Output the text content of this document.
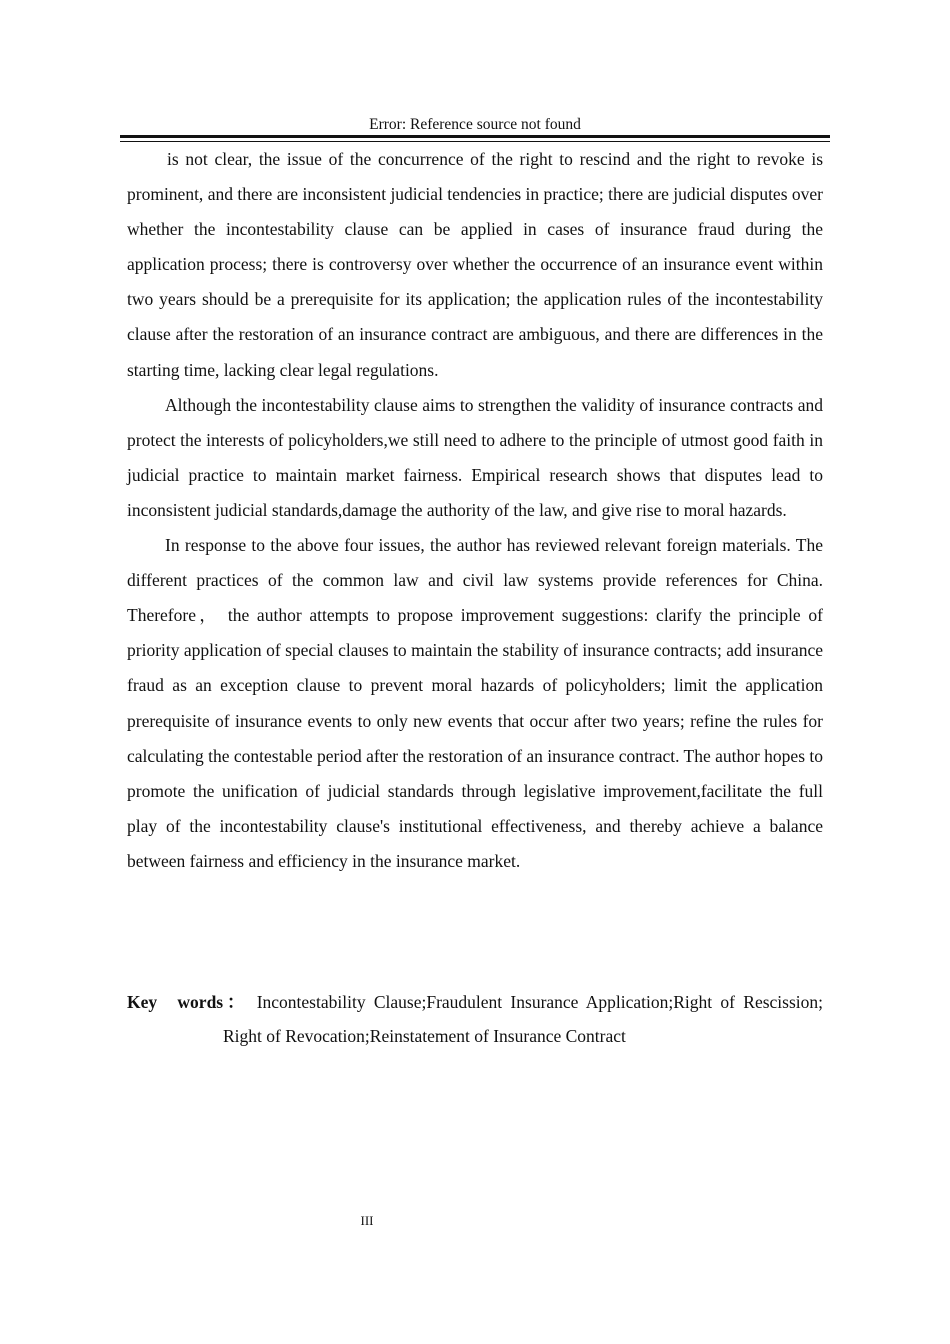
Error: Reference source not found

is not clear, the issue of the concurrence of the right to rescind and the right to revoke is prominent, and there are inconsistent judicial tendencies in practice; there are judicial disputes over whether the incontestability clause can be applied in cases of insurance fraud during the application process; there is controversy over whether the occurrence of an insurance event within two years should be a prerequisite for its application; the application rules of the incontestability clause after the restoration of an insurance contract are ambiguous, and there are differences in the starting time, lacking clear legal regulations.

Although the incontestability clause aims to strengthen the validity of insurance contracts and protect the interests of policyholders,we still need to adhere to the principle of utmost good faith in judicial practice to maintain market fairness. Empirical research shows that disputes lead to inconsistent judicial standards,damage the authority of the law, and give rise to moral hazards.

In response to the above four issues, the author has reviewed relevant foreign materials. The different practices of the common law and civil law systems provide references for China. Therefore， the author attempts to propose improvement suggestions: clarify the principle of priority application of special clauses to maintain the stability of insurance contracts; add insurance fraud as an exception clause to prevent moral hazards of policyholders; limit the application prerequisite of insurance events to only new events that occur after two years; refine the rules for calculating the contestable period after the restoration of an insurance contract. The author hopes to promote the unification of judicial standards through legislative improvement,facilitate the full play of the incontestability clause's institutional effectiveness, and thereby achieve a balance between fairness and efficiency in the insurance market.

Key words： Incontestability Clause;Fraudulent Insurance Application;Right of Rescission; Right of Revocation;Reinstatement of Insurance Contract
III
